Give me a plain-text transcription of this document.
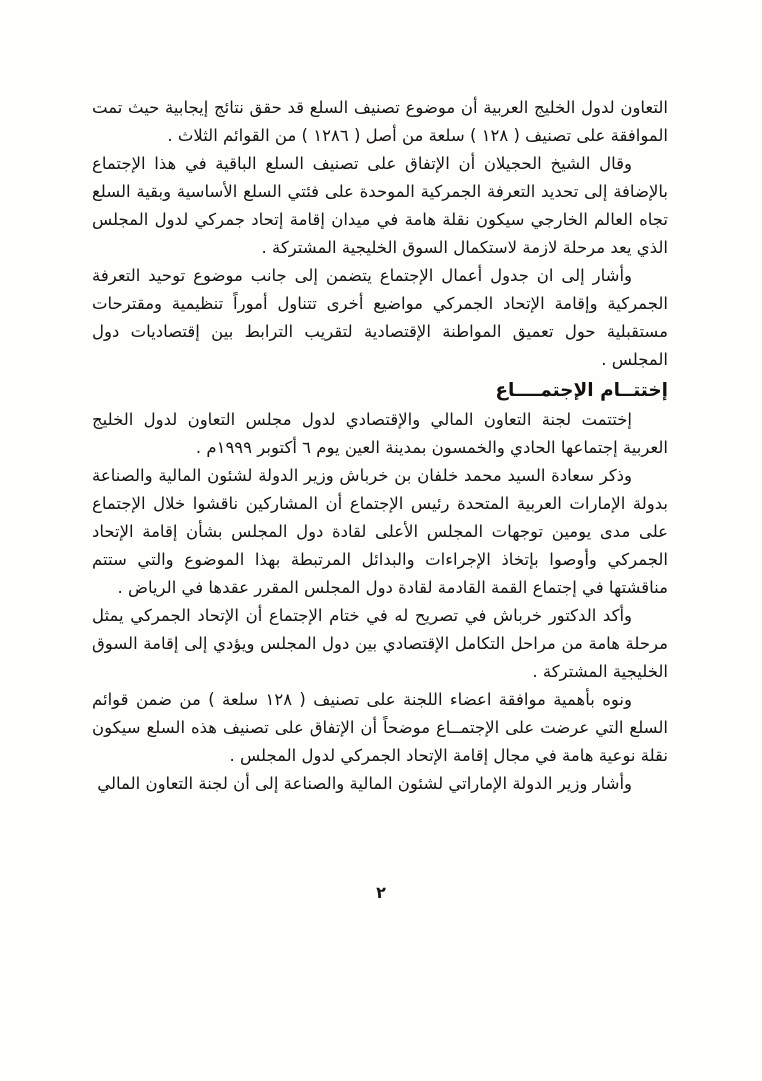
التعاون لدول الخليج العربية أن موضوع تصنيف السلع قد حقق نتائج إيجابية حيث تمت الموافقة على تصنيف ( ١٢٨ ) سلعة من أصل ( ١٢٨٦ ) من القوائم الثلاث .

وقال الشيخ الحجيلان أن الإتفاق على تصنيف السلع الباقية في هذا الإجتماع بالإضافة إلى تحديد التعرفة الجمركية الموحدة على فئتي السلع الأساسية وبقية السلع تجاه العالم الخارجي سيكون نقلة هامة في ميدان إقامة إتحاد جمركي لدول المجلس الذي يعد مرحلة لازمة لاستكمال السوق الخليجية المشتركة .

وأشار إلى ان جدول أعمال الإجتماع يتضمن إلى جانب موضوع توحيد التعرفة الجمركية وإقامة الإتحاد الجمركي مواضيع أخرى تتناول أموراً تنظيمية ومقترحات مستقبلية حول تعميق المواطنة الإقتصادية لتقريب الترابط بين إقتصاديات دول المجلس .

إختتــام الإجتمــــاع

إختتمت لجنة التعاون المالي والإقتصادي لدول مجلس التعاون لدول الخليج العربية إجتماعها الحادي والخمسون بمدينة العين يوم ٦ أكتوبر ١٩٩٩م .

وذكر سعادة السيد محمد خلفان بن خرباش وزير الدولة لشئون المالية والصناعة بدولة الإمارات العربية المتحدة رئيس الإجتماع أن المشاركين ناقشوا خلال الإجتماع على مدى يومين توجهات المجلس الأعلى لقادة دول المجلس بشأن إقامة الإتحاد الجمركي وأوصوا بإتخاذ الإجراءات والبدائل المرتبطة بهذا الموضوع والتي ستتم مناقشتها في إجتماع القمة القادمة لقادة دول المجلس المقرر عقدها في الرياض .

وأكد الدكتور خرباش في تصريح له في ختام الإجتماع أن الإتحاد الجمركي يمثل مرحلة هامة من مراحل التكامل الإقتصادي بين دول المجلس ويؤدي إلى إقامة السوق الخليجية المشتركة .

ونوه بأهمية موافقة اعضاء اللجنة على تصنيف ( ١٢٨ سلعة ) من ضمن قوائم السلع التي عرضت على الإجتمــاع موضحاً أن الإتفاق على تصنيف هذه السلع سيكون نقلة نوعية هامة في مجال إقامة الإتحاد الجمركي لدول المجلس .

وأشار وزير الدولة الإماراتي لشئون المالية والصناعة إلى أن لجنة التعاون المالي

٢
